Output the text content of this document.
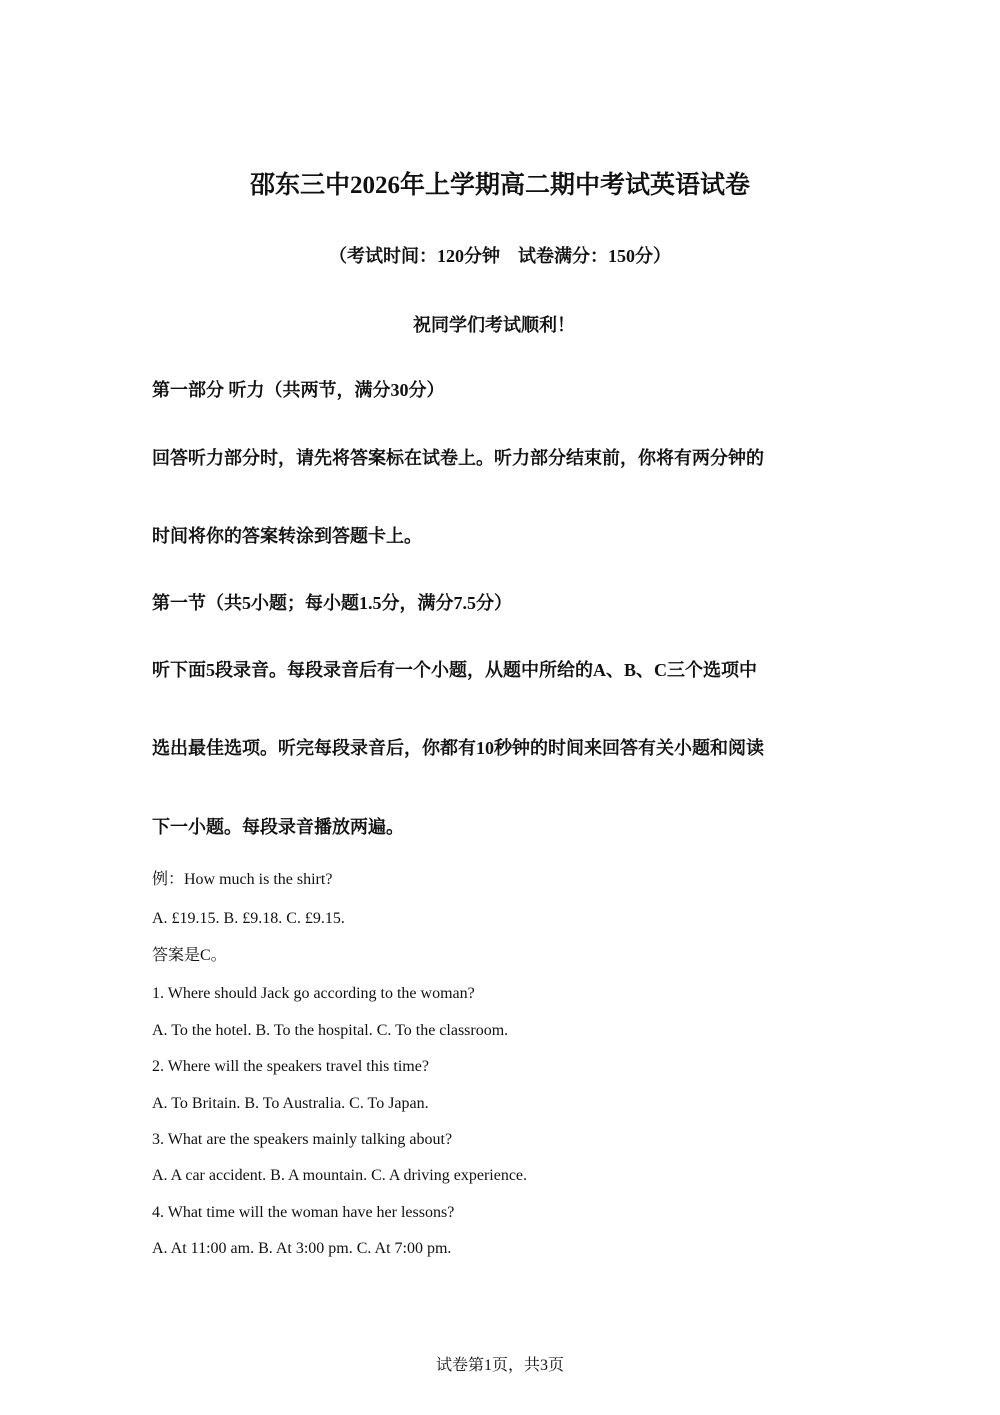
邵东三中2026年上学期高二期中考试英语试卷
（考试时间：120分钟　试卷满分：150分）
祝同学们考试顺利！
第一部分 听力（共两节，满分30分）
回答听力部分时，请先将答案标在试卷上。听力部分结束前，你将有两分钟的
时间将你的答案转涂到答题卡上。
第一节（共5小题；每小题1.5分，满分7.5分）
听下面5段录音。每段录音后有一个小题，从题中所给的A、B、C三个选项中
选出最佳选项。听完每段录音后，你都有10秒钟的时间来回答有关小题和阅读
下一小题。每段录音播放两遍。
例：How much is the shirt?
A. £19.15. B. £9.18. C. £9.15.
答案是C。
1. Where should Jack go according to the woman?
A. To the hotel. B. To the hospital. C. To the classroom.
2. Where will the speakers travel this time?
A. To Britain. B. To Australia. C. To Japan.
3. What are the speakers mainly talking about?
A. A car accident. B. A mountain. C. A driving experience.
4. What time will the woman have her lessons?
A. At 11:00 am. B. At 3:00 pm. C. At 7:00 pm.
试卷第1页，共3页
